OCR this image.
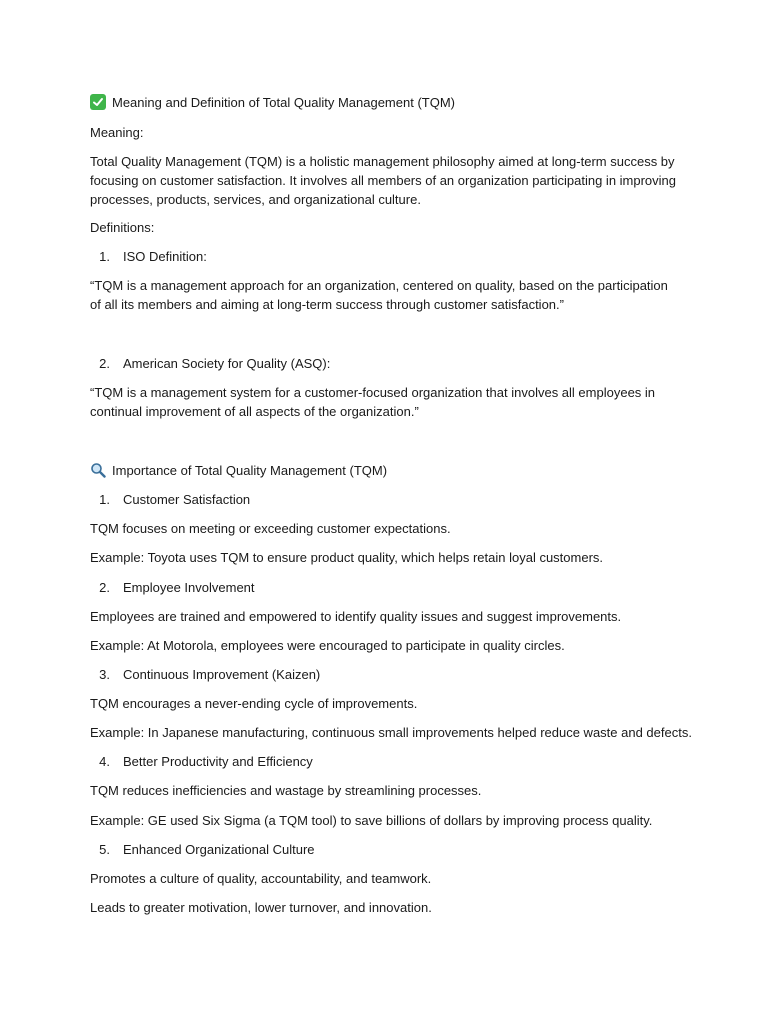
Meaning and Definition of Total Quality Management (TQM)

Meaning:

Total Quality Management (TQM) is a holistic management philosophy aimed at long-term success by focusing on customer satisfaction. It involves all members of an organization participating in improving processes, products, services, and organizational culture.

Definitions:

1. ISO Definition:

“TQM is a management approach for an organization, centered on quality, based on the participation of all its members and aiming at long-term success through customer satisfaction.”

2. American Society for Quality (ASQ):

“TQM is a management system for a customer-focused organization that involves all employees in continual improvement of all aspects of the organization.”

Importance of Total Quality Management (TQM)

1. Customer Satisfaction

TQM focuses on meeting or exceeding customer expectations.

Example: Toyota uses TQM to ensure product quality, which helps retain loyal customers.

2. Employee Involvement

Employees are trained and empowered to identify quality issues and suggest improvements.

Example: At Motorola, employees were encouraged to participate in quality circles.

3. Continuous Improvement (Kaizen)

TQM encourages a never-ending cycle of improvements.

Example: In Japanese manufacturing, continuous small improvements helped reduce waste and defects.

4. Better Productivity and Efficiency

TQM reduces inefficiencies and wastage by streamlining processes.

Example: GE used Six Sigma (a TQM tool) to save billions of dollars by improving process quality.

5. Enhanced Organizational Culture

Promotes a culture of quality, accountability, and teamwork.

Leads to greater motivation, lower turnover, and innovation.
